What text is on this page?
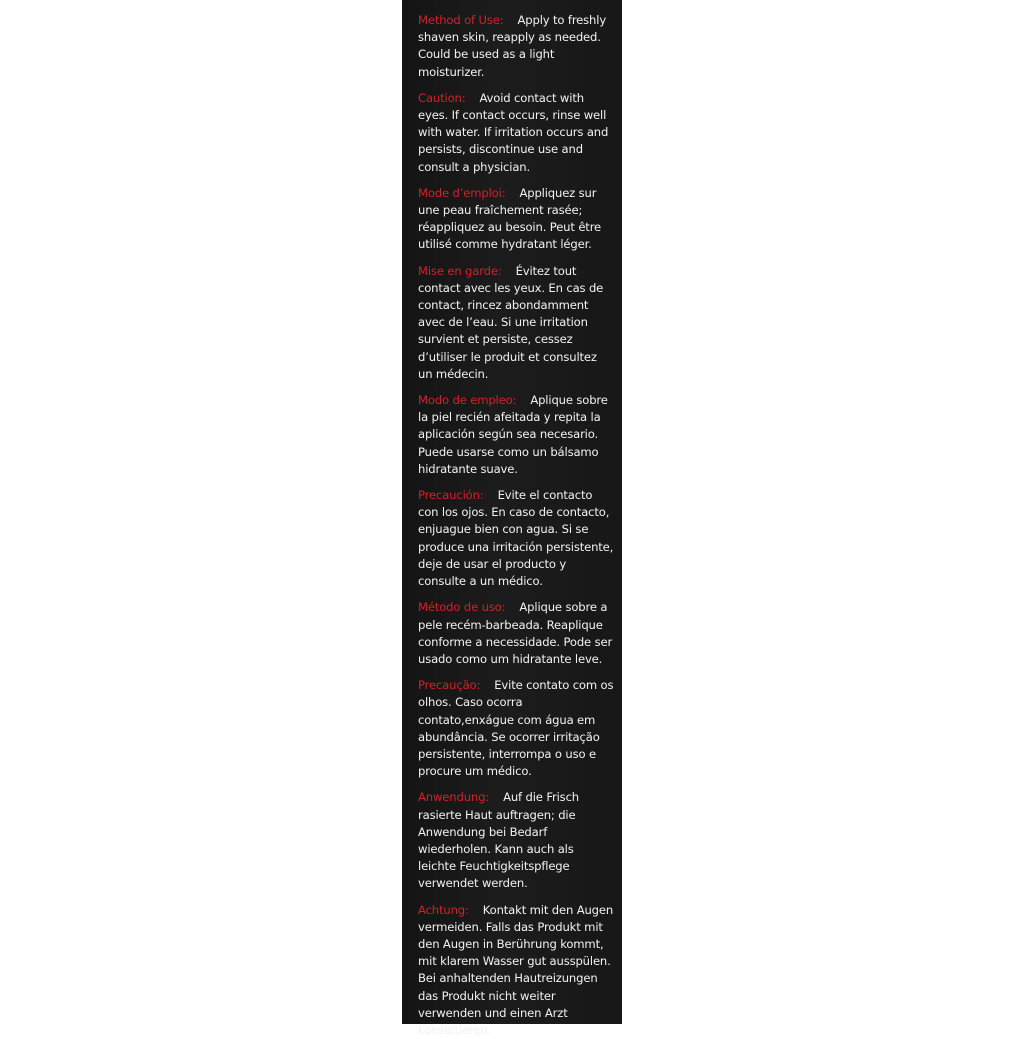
Method of Use: Apply to freshly shaven skin, reapply as needed. Could be used as a light moisturizer.

Caution: Avoid contact with eyes. If contact occurs, rinse well with water. If irritation occurs and persists, discontinue use and consult a physician.

Mode d’emploi: Appliquez sur une peau fraîchement rasée; réappliquez au besoin. Peut être utilisé comme hydratant léger.

Mise en garde: Évitez tout contact avec les yeux. En cas de contact, rincez abondamment avec de l’eau. Si une irritation survient et persiste, cessez d’utiliser le produit et consultez un médecin.

Modo de empleo: Aplique sobre la piel recién afeitada y repita la aplicación según sea necesario. Puede usarse como un bálsamo hidratante suave.

Precaución: Evite el contacto con los ojos. En caso de contacto, enjuague bien con agua. Si se produce una irritación persistente, deje de usar el producto y consulte a un médico.

Método de uso: Aplique sobre a pele recém-barbeada. Reaplique conforme a necessidade. Pode ser usado como um hidratante leve.

Precaução: Evite contato com os olhos. Caso ocorra contato,enxágue com água em abundância. Se ocorrer irritação persistente, interrompa o uso e procure um médico.

Anwendung: Auf die Frisch rasierte Haut auftragen; die Anwendung bei Bedarf wiederholen. Kann auch als leichte Feuchtigkeitspflege verwendet werden.

Achtung: Kontakt mit den Augen vermeiden. Falls das Produkt mit den Augen in Berührung kommt, mit klarem Wasser gut ausspülen. Bei anhaltenden Hautreizungen das Produkt nicht weiter verwenden und einen Arzt konsultieren.
